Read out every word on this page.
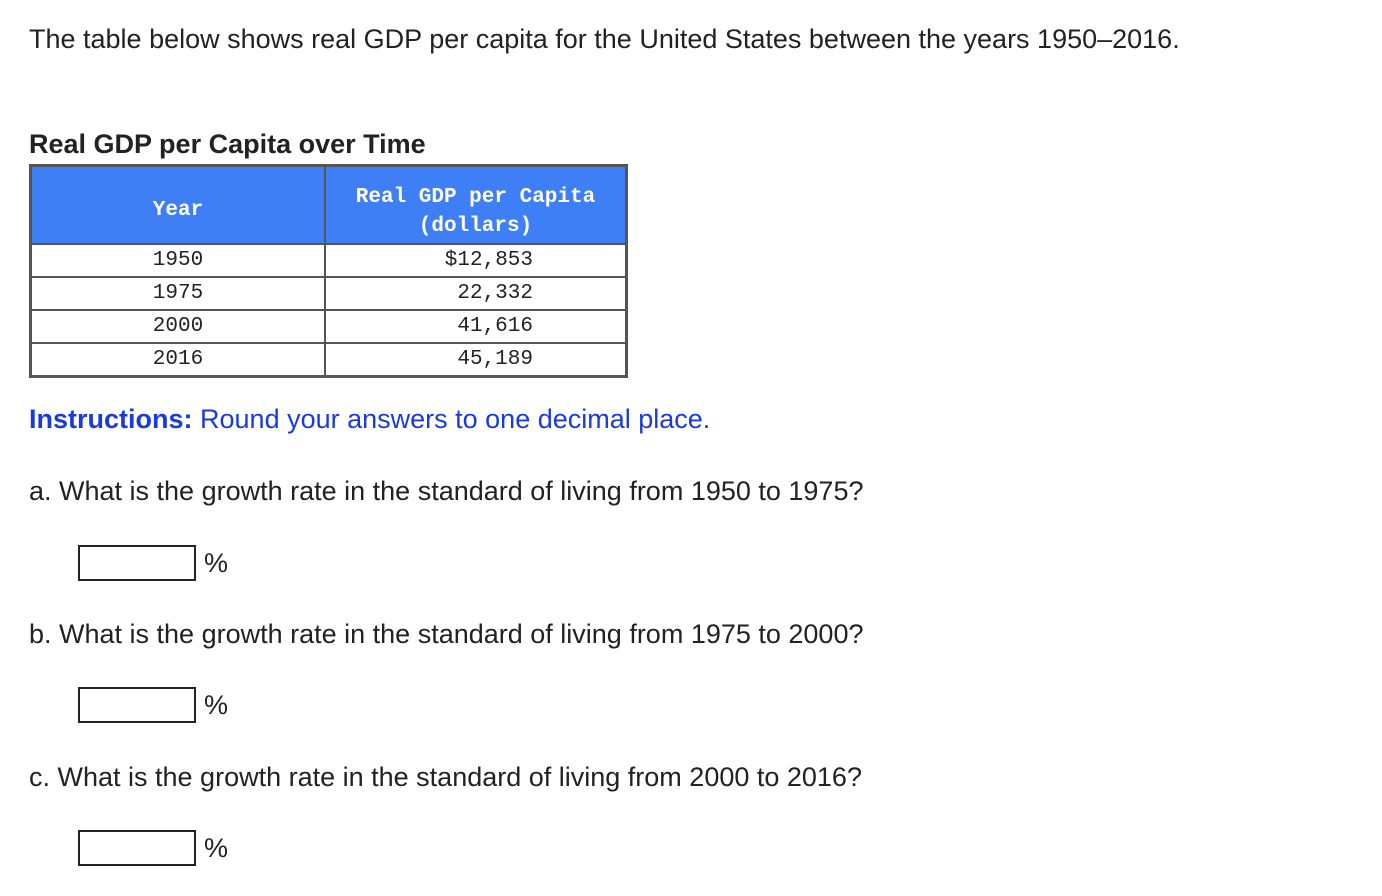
The table below shows real GDP per capita for the United States between the years 1950–2016.
Real GDP per Capita over Time
Year	Real GDP per Capita
(dollars)

1950	$12,853
1975	22,332
2000	41,616
2016	45,189
Instructions: Round your answers to one decimal place.
a. What is the growth rate in the standard of living from 1950 to 1975?
%
b. What is the growth rate in the standard of living from 1975 to 2000?
%
c. What is the growth rate in the standard of living from 2000 to 2016?
%
